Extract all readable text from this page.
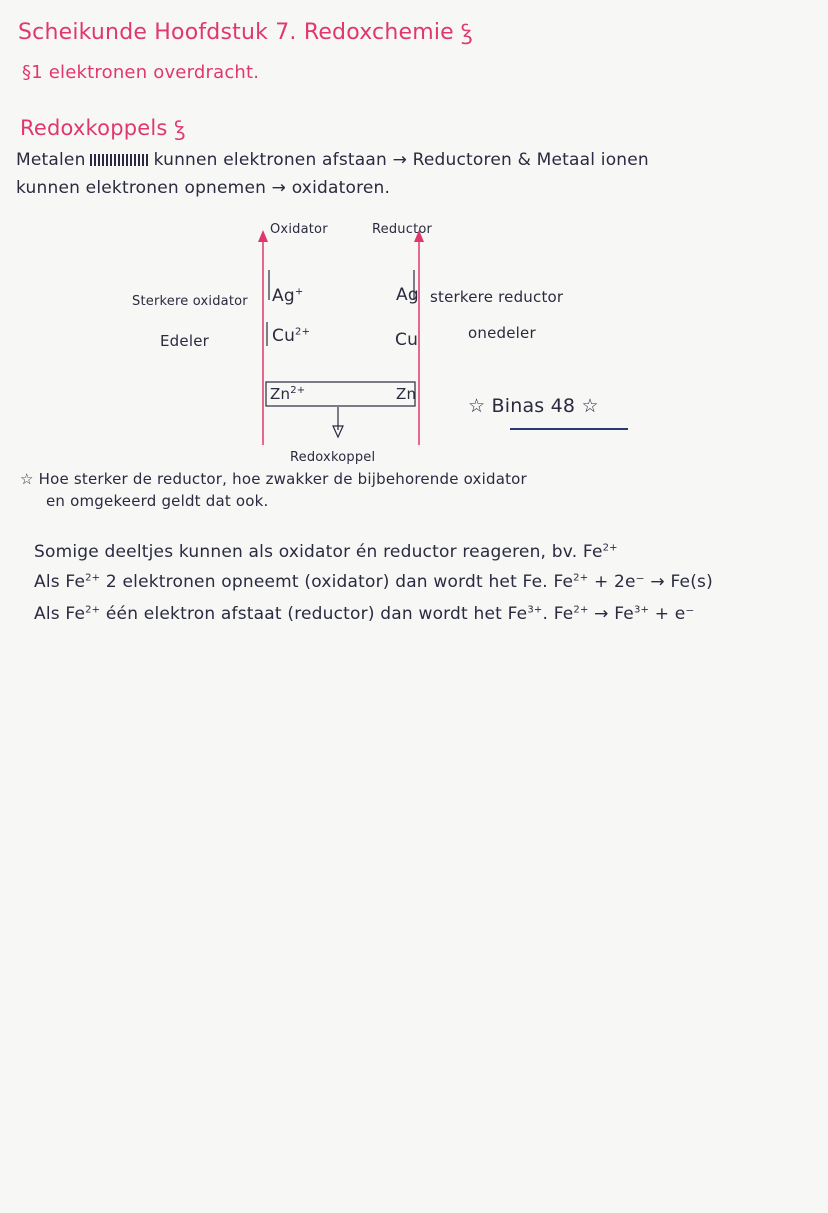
Scheikunde Hoofdstuk 7. Redoxchemie ꝣ
§1 elektronen overdracht.
Redoxkoppels ꝣ
Metalen	kunnen elektronen afstaan → Reductoren & Metaal ionen
kunnen elektronen opnemen → oxidatoren.
Oxidator	Reductor
Sterkere oxidator Ag+	Ag sterkere reductor
Edeler	$Cu^{2+}$	Cu	onedeler
$Zn^{2+}$	Zn
Redoxkoppel
☆ Binas 48 ☆
☆ Hoe sterker de reductor, hoe zwakker de bijbehorende oxidator
en omgekeerd geldt dat ook.
Somige deeltjes kunnen als oxidator én reductor reageren, bv. $Fe^{2+}$
Als $Fe^{2+}$ 2 elektronen opneemt (oxidator) dan wordt het Fe. $Fe^{2+} + 2e^- \to Fe(s)$
Als $Fe^{2+}$ één elektron afstaat (reductor) dan wordt het $Fe^{3+}$. $Fe^{2+} \to Fe^{3+} + e^-$
